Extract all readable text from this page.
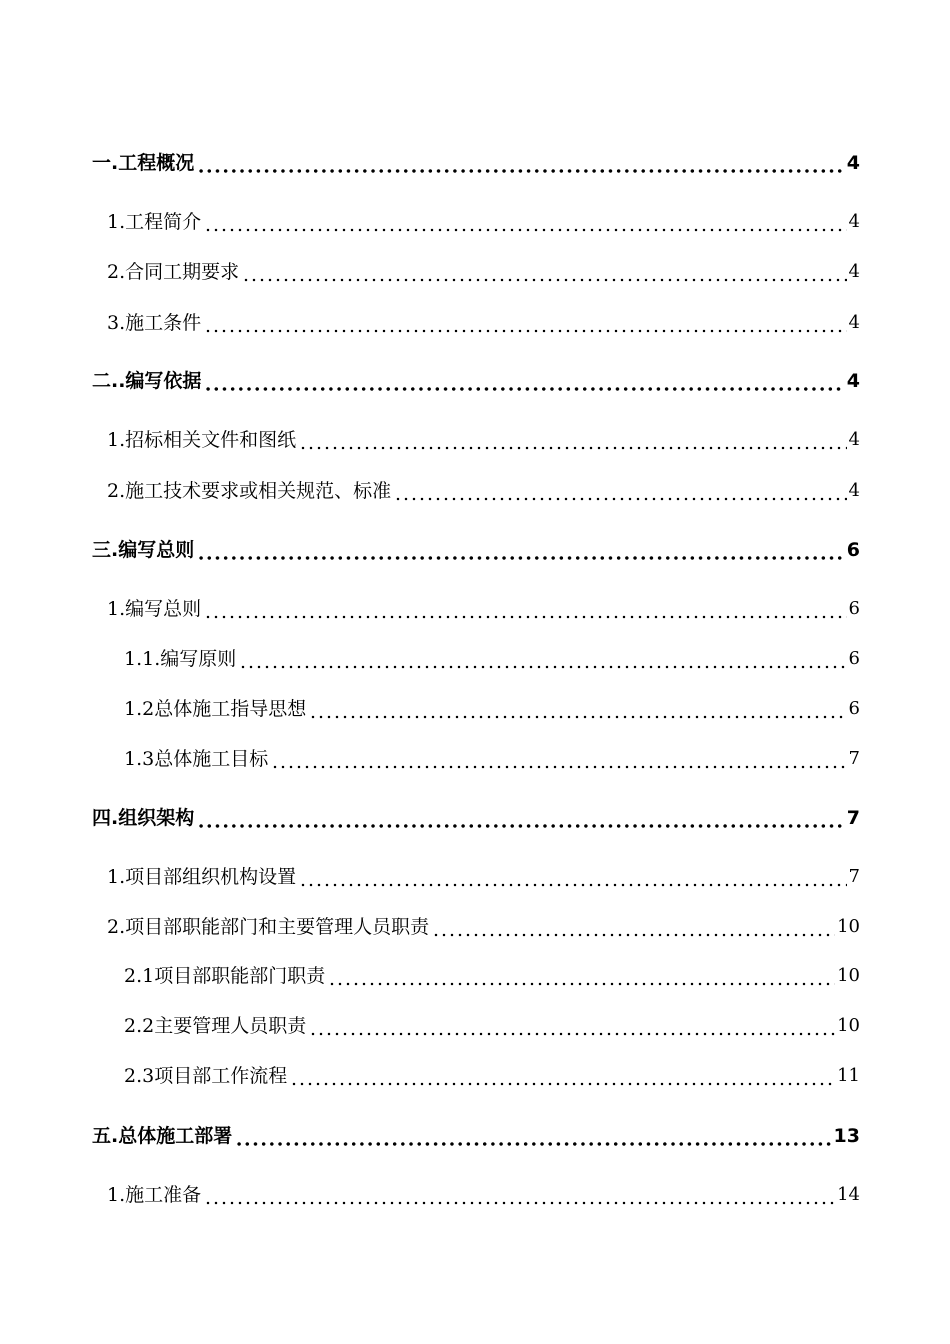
一.工程概况	4
1.工程简介	4
2.合同工期要求	4
3.施工条件	4
二..编写依据	4
1.招标相关文件和图纸	4
2.施工技术要求或相关规范、标准	4
三.编写总则	6
1.编写总则	6
1.1.编写原则	6
1.2总体施工指导思想	6
1.3总体施工目标	7
四.组织架构	7
1.项目部组织机构设置	7
2.项目部职能部门和主要管理人员职责	10
2.1项目部职能部门职责	10
2.2主要管理人员职责	10
2.3项目部工作流程	11
五.总体施工部署	13
1.施工准备	14
